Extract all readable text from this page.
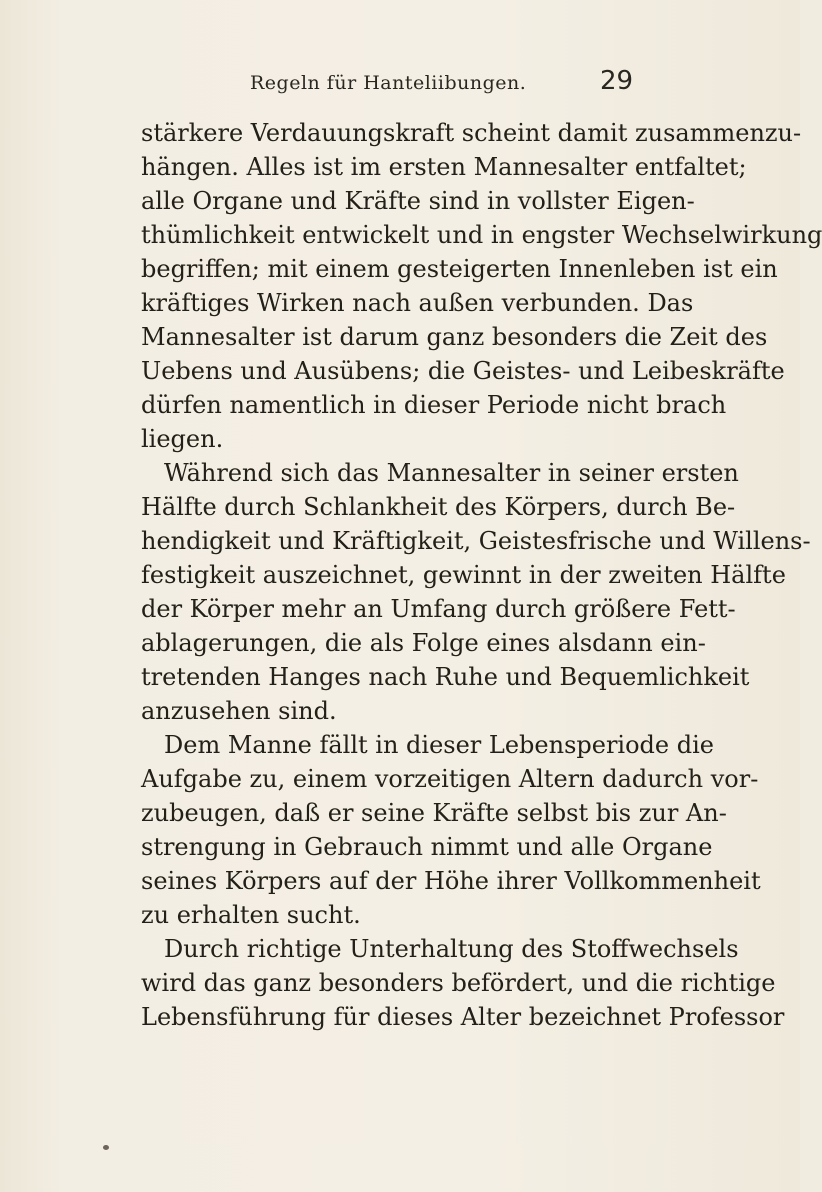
Regeln für Hanteliibungen.	29
stärkere Verdauungskraft scheint damit zusammenzu-
hängen. Alles ist im ersten Mannesalter entfaltet;
alle Organe und Kräfte sind in vollster Eigen-
thümlichkeit entwickelt und in engster Wechselwirkung
begriffen; mit einem gesteigerten Innenleben ist ein
kräftiges Wirken nach außen verbunden. Das
Mannesalter ist darum ganz besonders die Zeit des
Uebens und Ausübens; die Geistes- und Leibeskräfte
dürfen namentlich in dieser Periode nicht brach
liegen.
Während sich das Mannesalter in seiner ersten
Hälfte durch Schlankheit des Körpers, durch Be-
hendigkeit und Kräftigkeit, Geistesfrische und Willens-
festigkeit auszeichnet, gewinnt in der zweiten Hälfte
der Körper mehr an Umfang durch größere Fett-
ablagerungen, die als Folge eines alsdann ein-
tretenden Hanges nach Ruhe und Bequemlichkeit
anzusehen sind.
Dem Manne fällt in dieser Lebensperiode die
Aufgabe zu, einem vorzeitigen Altern dadurch vor-
zubeugen, daß er seine Kräfte selbst bis zur An-
strengung in Gebrauch nimmt und alle Organe
seines Körpers auf der Höhe ihrer Vollkommenheit
zu erhalten sucht.
Durch richtige Unterhaltung des Stoffwechsels
wird das ganz besonders befördert, und die richtige
Lebensführung für dieses Alter bezeichnet Professor
